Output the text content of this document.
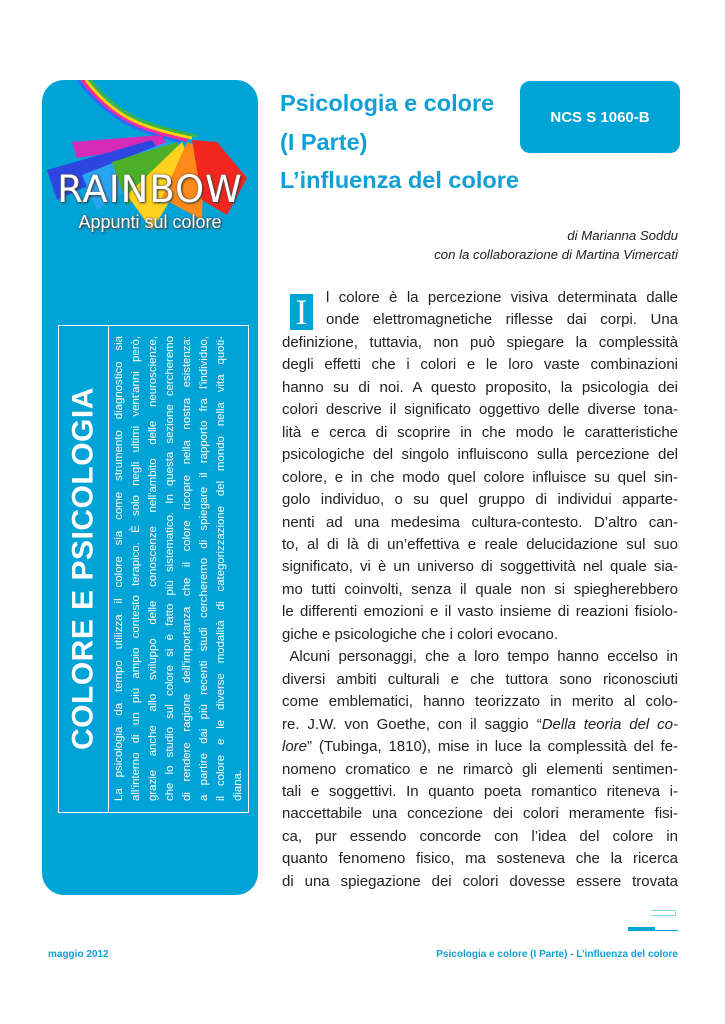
RAINBOW
Appunti sul colore
COLORE E PSICOLOGIA	La psicologia da tempo utilizza il colore sia come strumento diagnostico sia all'interno di un più ampio contesto terapico. È solo negli ultimi vent'anni però, grazie anche allo sviluppo delle conoscenze nell'ambito delle neuroscienze, che lo studio sul colore si è fatto più sistematico. In questa sezione cercheremo di rendere ragione dell'importanza che il colore ricopre nella nostra esistenza: a partire dai più recenti studi cercheremo di spiegare il rapporto fra l'individuo, il colore e le diverse modalità di categorizzazione del mondo nella vita quoti- diana.
Psicologia e colore
(I Parte)
L’influenza del colore
NCS S 1060-B
di Marianna Soddu
con la collaborazione di Martina Vimercati
I	l colore è la percezione visiva determinata dalle
onde elettromagnetiche riflesse dai corpi. Una
definizione, tuttavia, non può spiegare la complessità
degli effetti che i colori e le loro vaste combinazioni
hanno su di noi. A questo proposito, la psicologia dei
colori descrive il significato oggettivo delle diverse tona-
lità e cerca di scoprire in che modo le caratteristiche
psicologiche del singolo influiscono sulla percezione del
colore, e in che modo quel colore influisce su quel sin-
golo individuo, o su quel gruppo di individui apparte-
nenti ad una medesima cultura-contesto. D’altro can-
to, al di là di un’effettiva e reale delucidazione sul suo
significato, vi è un universo di soggettività nel quale sia-
mo tutti coinvolti, senza il quale non si spiegherebbero
le differenti emozioni e il vasto insieme di reazioni fisiolo-
giche e psicologiche che i colori evocano.
Alcuni personaggi, che a loro tempo hanno eccelso in
diversi ambiti culturali e che tuttora sono riconosciuti
come emblematici, hanno teorizzato in merito al colo-
re. J.W. von Goethe, con il saggio “Della teoria del co-
lore” (Tubinga, 1810), mise in luce la complessità del fe-
nomeno cromatico e ne rimarcò gli elementi sentimen-
tali e soggettivi. In quanto poeta romantico riteneva i-
naccettabile una concezione dei colori meramente fisi-
ca, pur essendo concorde con l’idea del colore in
quanto fenomeno fisico, ma sosteneva che la ricerca
di una spiegazione dei colori dovesse essere trovata
maggio 2012	Psicologia e colore (I Parte) - L’influenza del colore
